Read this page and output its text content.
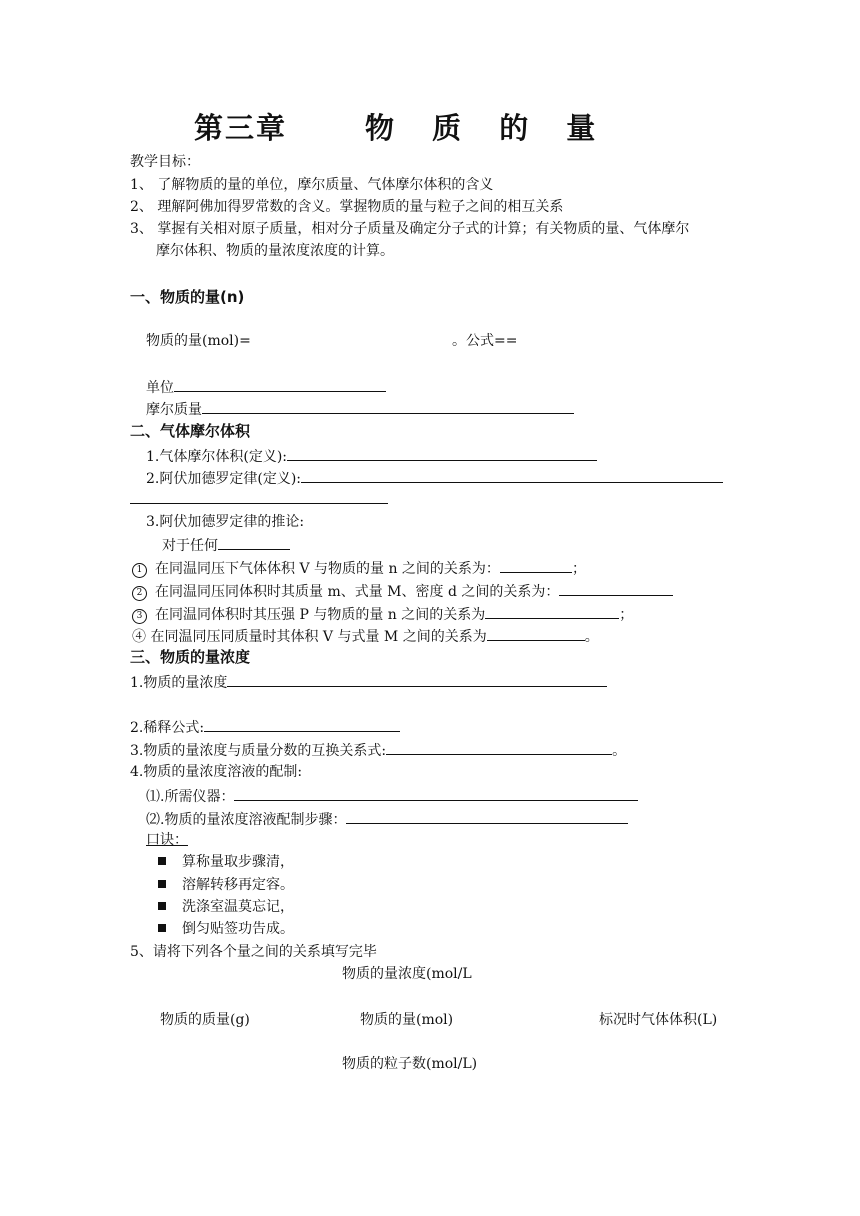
第三章	物 质 的 量
教学目标：
1、 了解物质的量的单位，摩尔质量、气体摩尔体积的含义
2、 理解阿佛加得罗常数的含义。掌握物质的量与粒子之间的相互关系
3、 掌握有关相对原子质量，相对分子质量及确定分子式的计算；有关物质的量、气体摩尔
摩尔体积、物质的量浓度浓度的计算。
一、物质的量(n)
物质的量(mol)=	。公式==
单位
摩尔质量
二、气体摩尔体积
1.气体摩尔体积(定义):
2.阿伏加德罗定律(定义):
3.阿伏加德罗定律的推论:
对于任何
1 在同温同压下气体体积 V 与物质的量 n 之间的关系为：	；
2 在同温同压同体积时其质量 m、式量 M、密度 d 之间的关系为：
3 在同温同体积时其压强 P 与物质的量 n 之间的关系为	；
④ 在同温同压同质量时其体积 V 与式量 M 之间的关系为	。
三、物质的量浓度
1.物质的量浓度
2.稀释公式:
3.物质的量浓度与质量分数的互换关系式:	。
4.物质的量浓度溶液的配制:
⑴.所需仪器：
⑵.物质的量浓度溶液配制步骤：
口诀：
算称量取步骤清，
溶解转移再定容。
洗涤室温莫忘记，
倒匀贴签功告成。
5、请将下列各个量之间的关系填写完毕
物质的量浓度(mol/L
物质的质量(g)	物质的量(mol)	标况时气体体积(L)
物质的粒子数(mol/L)
